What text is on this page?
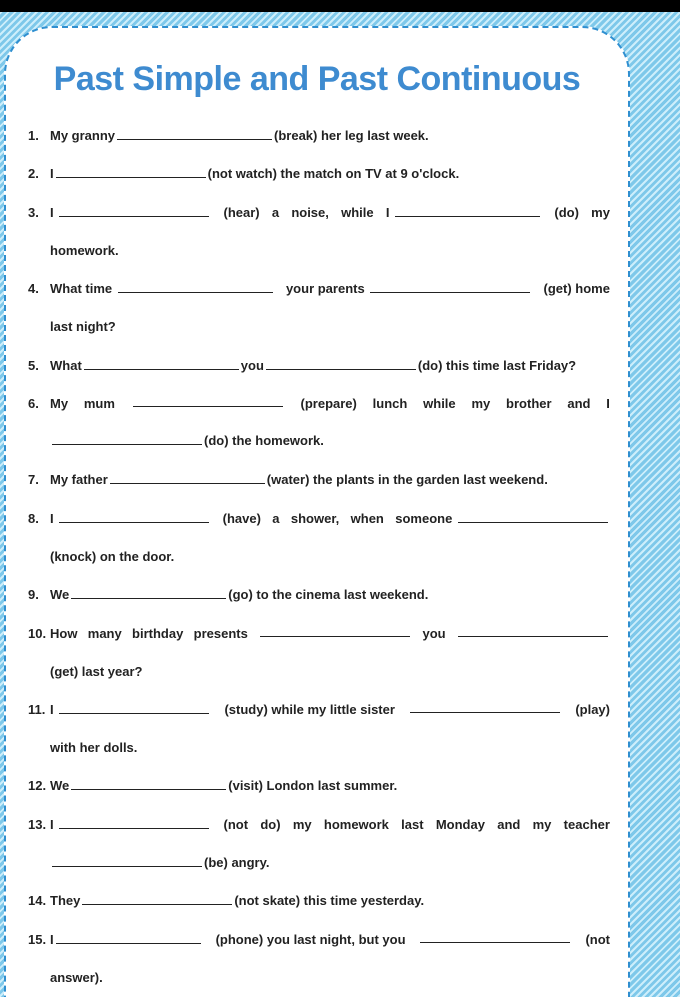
Past Simple and Past Continuous
1. My granny	(break) her leg last week.
2. I	(not watch) the match on TV at 9 o'clock.
3. I	(hear) a noise, while I	(do) my
homework.
4. What time	your parents	(get) home
last night?
5. What	you	(do) this time last Friday?
6. My mum	(prepare) lunch while my brother and I
(do) the homework.
7. My father	(water) the plants in the garden last weekend.
8. I	(have) a shower, when someone
(knock) on the door.
9. We	(go) to the cinema last weekend.
10. How many birthday presents	you
(get) last year?
11. I	(study) while my little sister	(play)
with her dolls.
12. We	(visit) London last summer.
13. I	(not do) my homework last Monday and my teacher
(be) angry.
14. They	(not skate) this time yesterday.
15. I	(phone) you last night, but you	(not
answer).
